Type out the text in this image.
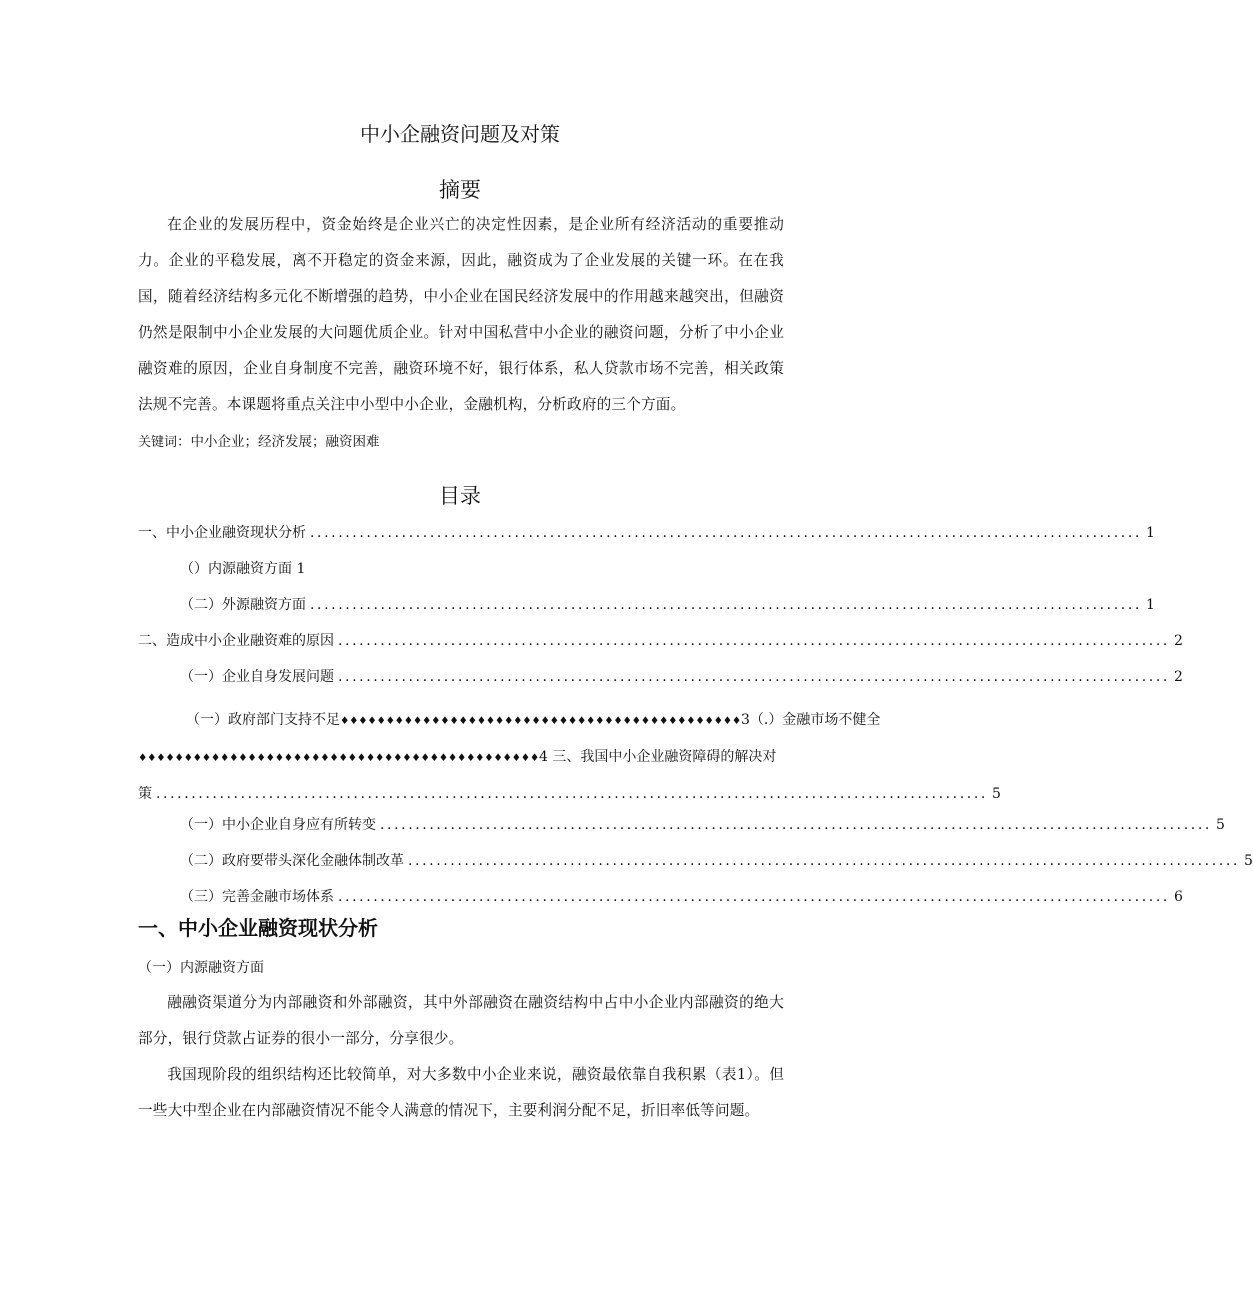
中小企融资问题及对策
摘要
在企业的发展历程中，资金始终是企业兴亡的决定性因素，是企业所有经济活动的重要推动力。企业的平稳发展，离不开稳定的资金来源，因此，融资成为了企业发展的关键一环。在在我国，随着经济结构多元化不断增强的趋势，中小企业在国民经济发展中的作用越来越突出，但融资仍然是限制中小企业发展的大问题优质企业。针对中国私营中小企业的融资问题，分析了中小企业融资难的原因，企业自身制度不完善，融资环境不好，银行体系，私人贷款市场不完善，相关政策法规不完善。本课题将重点关注中小型中小企业，金融机构，分析政府的三个方面。
关键词：中小企业；经济发展；融资困难
目录
一、中小企业融资现状分析 ...................................................................................................................... 1
（）内源融资方面 1
（二）外源融资方面 ...................................................................................................................... 1
二、造成中小企业融资难的原因 ...................................................................................................................... 2
（一）企业自身发展问题 ...................................................................................................................... 2
（一）政府部门支持不足♦♦♦♦♦♦♦♦♦♦♦♦♦♦♦♦♦♦♦♦♦♦♦♦♦♦♦♦♦♦♦♦♦♦♦♦♦♦♦♦♦♦♦♦3（.）金融市场不健全
♦♦♦♦♦♦♦♦♦♦♦♦♦♦♦♦♦♦♦♦♦♦♦♦♦♦♦♦♦♦♦♦♦♦♦♦♦♦♦♦♦♦♦♦4 三、我国中小企业融资障碍的解决对
策 ...................................................................................................................... 5
（一）中小企业自身应有所转变 ...................................................................................................................... 5
（二）政府要带头深化金融体制改革 ...................................................................................................................... 5
（三）完善金融市场体系 ...................................................................................................................... 6
一、中小企业融资现状分析
（一）内源融资方面
融融资渠道分为内部融资和外部融资，其中外部融资在融资结构中占中小企业内部融资的绝大部分，银行贷款占证券的很小一部分，分享很少。
我国现阶段的组织结构还比较简单，对大多数中小企业来说，融资最依靠自我积累（表1）。但一些大中型企业在内部融资情况不能令人满意的情况下，主要利润分配不足，折旧率低等问题。
